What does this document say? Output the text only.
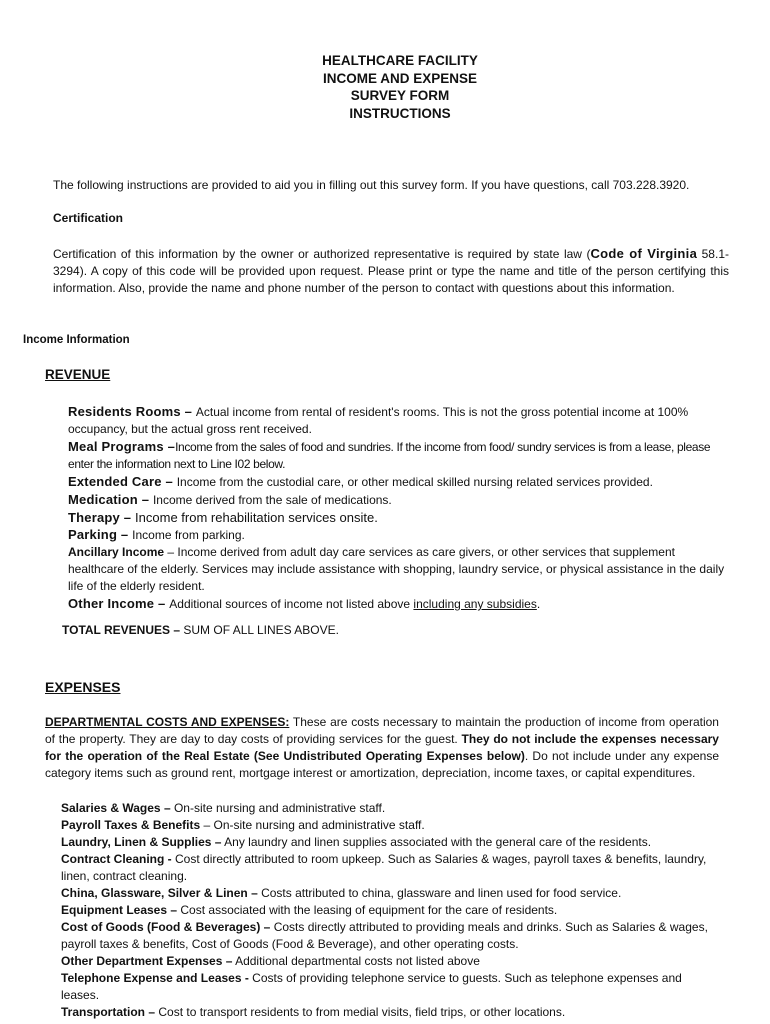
HEALTHCARE FACILITY
INCOME AND EXPENSE
SURVEY FORM
INSTRUCTIONS
The following instructions are provided to aid you in filling out this survey form. If you have questions, call 703.228.3920.
Certification
Certification of this information by the owner or authorized representative is required by state law (Code of Virginia 58.1-3294). A copy of this code will be provided upon request. Please print or type the name and title of the person certifying this information. Also, provide the name and phone number of the person to contact with questions about this information.
Income Information
REVENUE

Residents Rooms – Actual income from rental of resident's rooms. This is not the gross potential income at 100% occupancy, but the actual gross rent received.

Meal Programs –Income from the sales of food and sundries. If the income from food/ sundry services is from a lease, please enter the information next to Line I02 below.

Extended Care – Income from the custodial care, or other medical skilled nursing related services provided.

Medication – Income derived from the sale of medications.

Therapy – Income from rehabilitation services onsite.

Parking – Income from parking.

Ancillary Income – Income derived from adult day care services as care givers, or other services that supplement healthcare of the elderly. Services may include assistance with shopping, laundry service, or physical assistance in the daily life of the elderly resident.

Other Income – Additional sources of income not listed above including any subsidies.

TOTAL REVENUES – SUM OF ALL LINES ABOVE.
EXPENSES
DEPARTMENTAL COSTS AND EXPENSES: These are costs necessary to maintain the production of income from operation of the property. They are day to day costs of providing services for the guest. They do not include the expenses necessary for the operation of the Real Estate (See Undistributed Operating Expenses below). Do not include under any expense category items such as ground rent, mortgage interest or amortization, depreciation, income taxes, or capital expenditures.

Salaries & Wages – On-site nursing and administrative staff.

Payroll Taxes & Benefits – On-site nursing and administrative staff.

Laundry, Linen & Supplies – Any laundry and linen supplies associated with the general care of the residents.

Contract Cleaning - Cost directly attributed to room upkeep. Such as Salaries & wages, payroll taxes & benefits, laundry, linen, contract cleaning.

China, Glassware, Silver & Linen – Costs attributed to china, glassware and linen used for food service.

Equipment Leases – Cost associated with the leasing of equipment for the care of residents.

Cost of Goods (Food & Beverages) – Costs directly attributed to providing meals and drinks. Such as Salaries & wages, payroll taxes & benefits, Cost of Goods (Food & Beverage), and other operating costs.

Other Department Expenses – Additional departmental costs not listed above

Telephone Expense and Leases - Costs of providing telephone service to guests. Such as telephone expenses and leases.

Transportation – Cost to transport residents to from medial visits, field trips, or other locations.
